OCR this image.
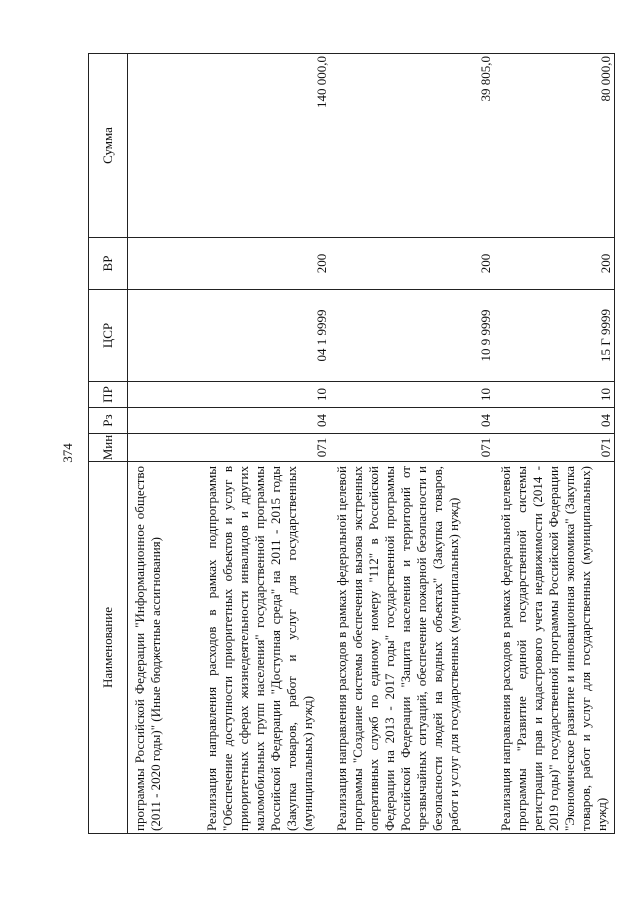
374
Наименование	Мин	Рз	ПР	ЦСР	ВР	Сумма
программы Российской Федерации "Информационное общество (2011 - 2020 годы)" (Иные бюджетные ассигнования)						
Реализация направления расходов в рамках подпрограммы "Обеспечение доступности приоритетных объектов и услуг в приоритетных сферах жизнедеятельности инвалидов и других маломобильных групп населения" государственной программы Российской Федерации "Доступная среда" на 2011 - 2015 годы (Закупка товаров, работ и услуг для государственных (муниципальных) нужд)	071	04	10	04 1 9999	200	140 000,0
Реализация направления расходов в рамках федеральной целевой программы "Создание системы обеспечения вызова экстренных оперативных служб по единому номеру "112" в Российской Федерации на 2013 - 2017 годы" государственной программы Российской Федерации "Защита населения и территорий от чрезвычайных ситуаций, обеспечение пожарной безопасности и безопасности людей на водных объектах" (Закупка товаров, работ и услуг для государственных (муниципальных) нужд)	071	04	10	10 9 9999	200	39 805,0
Реализация направления расходов в рамках федеральной целевой программы "Развитие единой государственной системы регистрации прав и кадастрового учета недвижимости (2014 - 2019 годы)" государственной программы Российской Федерации "Экономическое развитие и инновационная экономика" (Закупка товаров, работ и услуг для государственных (муниципальных) нужд)	071	04	10	15 Г 9999	200	80 000,0
